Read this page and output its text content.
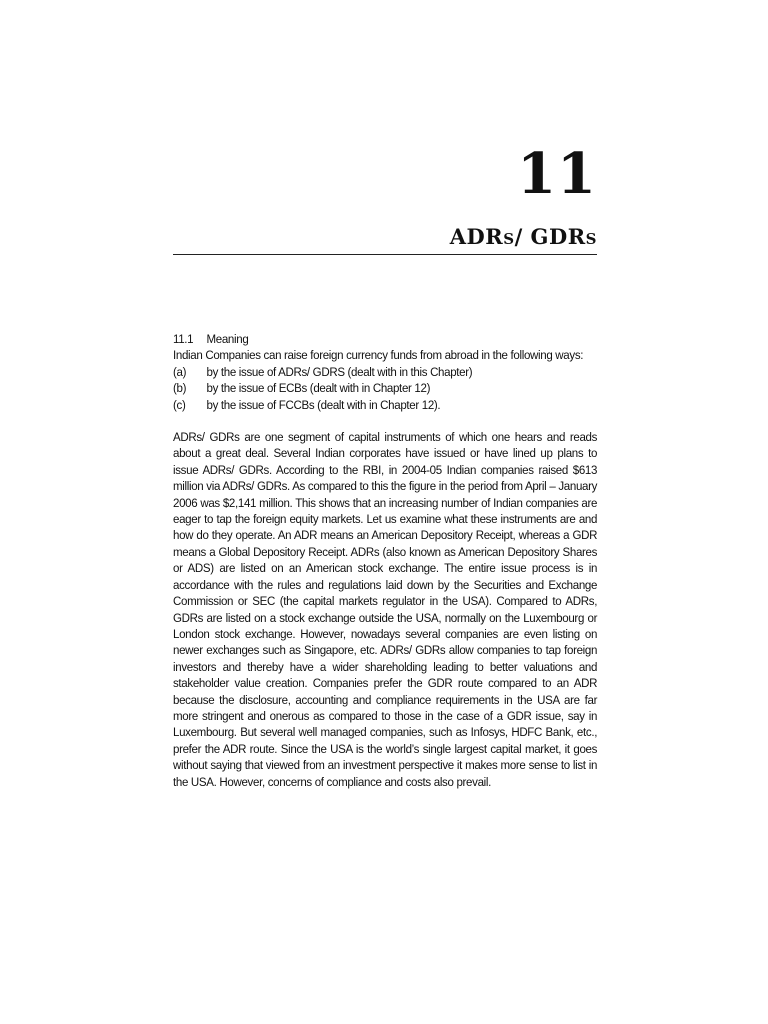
11
ADRS/ GDRS

11.1 Meaning

Indian Companies can raise foreign currency funds from abroad in the following ways:

(a) by the issue of ADRs/ GDRS (dealt with in this Chapter)
(b) by the issue of ECBs (dealt with in Chapter 12)
(c) by the issue of FCCBs (dealt with in Chapter 12).

ADRs/ GDRs are one segment of capital instruments of which one hears and reads about a great deal. Several Indian corporates have issued or have lined up plans to issue ADRs/ GDRs. According to the RBI, in 2004-05 Indian companies raised $613 million via ADRs/ GDRs. As compared to this the figure in the period from April – January 2006 was $2,141 million. This shows that an increasing number of Indian companies are eager to tap the foreign equity markets. Let us examine what these instruments are and how do they operate. An ADR means an American Depository Receipt, whereas a GDR means a Global Depository Receipt. ADRs (also known as American Depository Shares or ADS) are listed on an American stock exchange. The entire issue process is in accordance with the rules and regulations laid down by the Securities and Exchange Commission or SEC (the capital markets regulator in the USA). Compared to ADRs, GDRs are listed on a stock exchange outside the USA, normally on the Luxembourg or London stock exchange. However, nowadays several companies are even listing on newer exchanges such as Singapore, etc. ADRs/ GDRs allow companies to tap foreign investors and thereby have a wider shareholding leading to better valuations and stakeholder value creation. Companies prefer the GDR route compared to an ADR because the disclosure, accounting and compliance requirements in the USA are far more stringent and onerous as compared to those in the case of a GDR issue, say in Luxembourg. But several well managed companies, such as Infosys, HDFC Bank, etc., prefer the ADR route. Since the USA is the world’s single largest capital market, it goes without saying that viewed from an investment perspective it makes more sense to list in the USA. However, concerns of compliance and costs also prevail.
